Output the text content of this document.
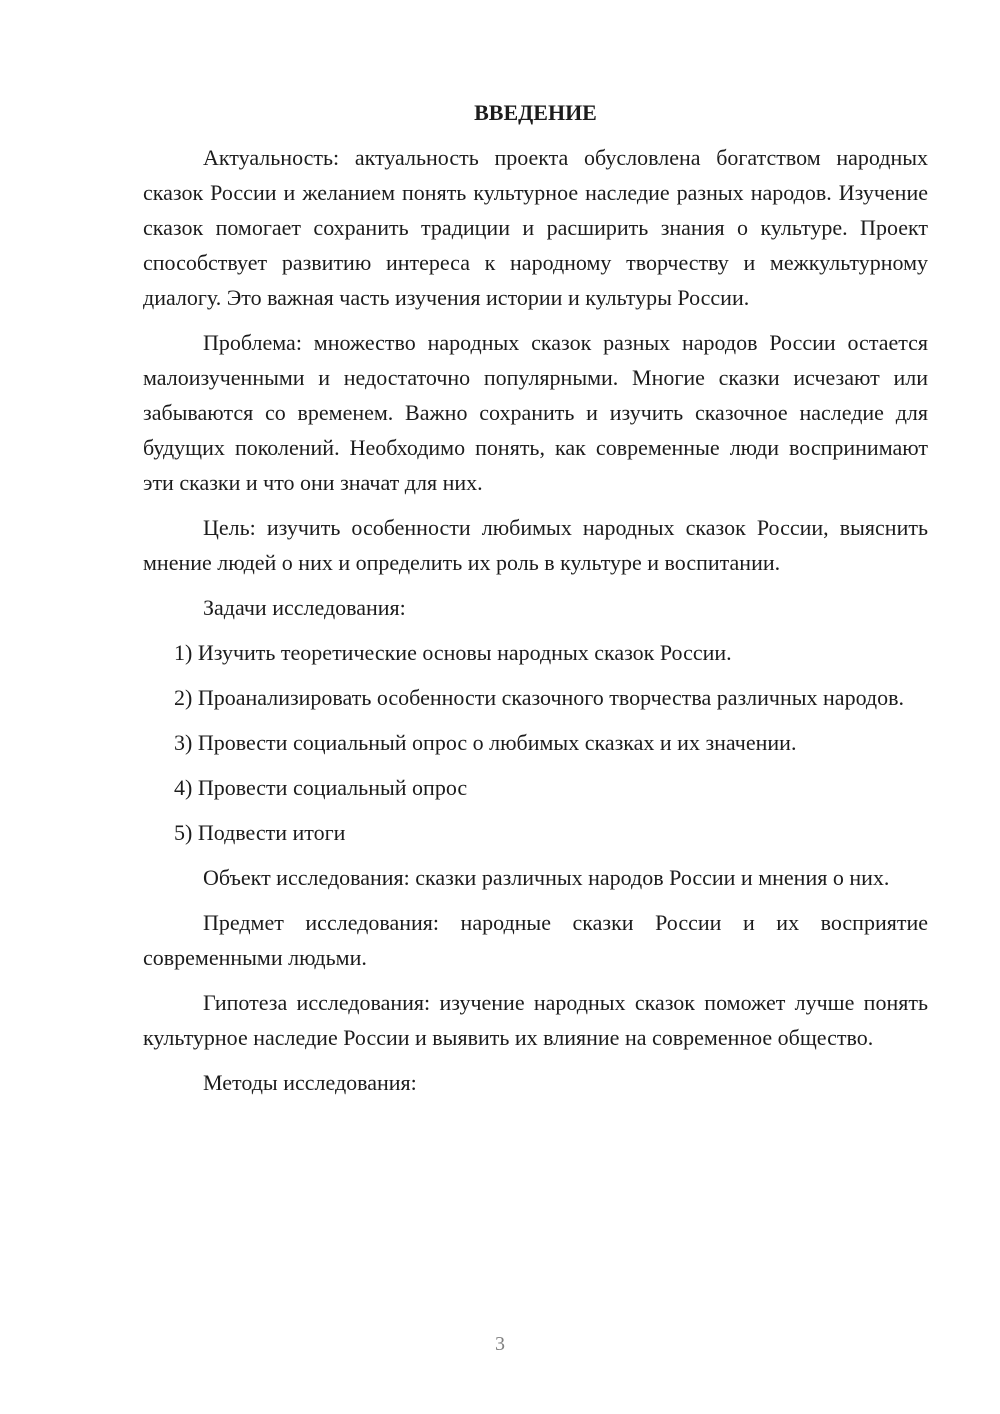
ВВЕДЕНИЕ

Актуальность: актуальность проекта обусловлена богатством народных сказок России и желанием понять культурное наследие разных народов. Изучение сказок помогает сохранить традиции и расширить знания о культуре. Проект способствует развитию интереса к народному творчеству и межкультурному диалогу. Это важная часть изучения истории и культуры России.

Проблема: множество народных сказок разных народов России остается малоизученными и недостаточно популярными. Многие сказки исчезают или забываются со временем. Важно сохранить и изучить сказочное наследие для будущих поколений. Необходимо понять, как современные люди воспринимают эти сказки и что они значат для них.

Цель: изучить особенности любимых народных сказок России, выяснить мнение людей о них и определить их роль в культуре и воспитании.

Задачи исследования:

1) Изучить теоретические основы народных сказок России.

2) Проанализировать особенности сказочного творчества различных народов.

3) Провести социальный опрос о любимых сказках и их значении.

4) Провести социальный опрос

5) Подвести итоги

Объект исследования: сказки различных народов России и мнения о них.

Предмет исследования: народные сказки России и их восприятие современными людьми.

Гипотеза исследования: изучение народных сказок поможет лучше понять культурное наследие России и выявить их влияние на современное общество.

Методы исследования:

3
